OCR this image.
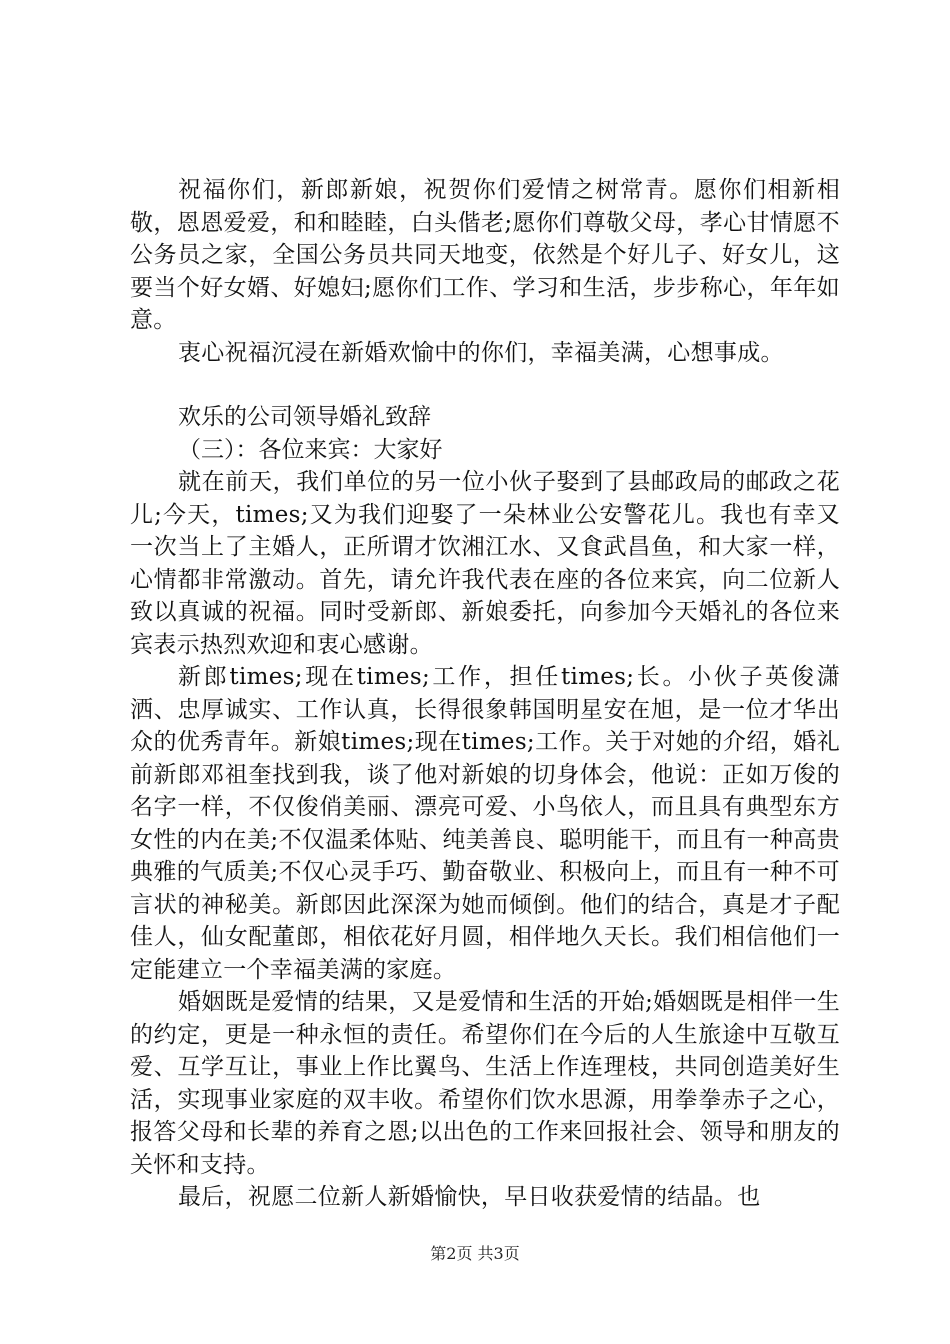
祝福你们，新郎新娘，祝贺你们爱情之树常青。愿你们相新相敬，恩恩爱爱，和和睦睦，白头偕老;愿你们尊敬父母，孝心甘情愿不公务员之家，全国公务员共同天地变，依然是个好儿子、好女儿，这要当个好女婿、好媳妇;愿你们工作、学习和生活，步步称心，年年如意。

衷心祝福沉浸在新婚欢愉中的你们，幸福美满，心想事成。

欢乐的公司领导婚礼致辞

（三）：各位来宾：大家好

就在前天，我们单位的另一位小伙子娶到了县邮政局的邮政之花儿;今天，times;又为我们迎娶了一朵林业公安警花儿。我也有幸又一次当上了主婚人，正所谓才饮湘江水、又食武昌鱼，和大家一样，心情都非常激动。首先，请允许我代表在座的各位来宾，向二位新人致以真诚的祝福。同时受新郎、新娘委托，向参加今天婚礼的各位来宾表示热烈欢迎和衷心感谢。

新郎times;现在times;工作，担任times;长。小伙子英俊潇洒、忠厚诚实、工作认真，长得很象韩国明星安在旭，是一位才华出众的优秀青年。新娘times;现在times;工作。关于对她的介绍，婚礼前新郎邓祖奎找到我，谈了他对新娘的切身体会，他说：正如万俊的名字一样，不仅俊俏美丽、漂亮可爱、小鸟依人，而且具有典型东方女性的内在美;不仅温柔体贴、纯美善良、聪明能干，而且有一种高贵典雅的气质美;不仅心灵手巧、勤奋敬业、积极向上，而且有一种不可言状的神秘美。新郎因此深深为她而倾倒。他们的结合，真是才子配佳人，仙女配董郎，相依花好月圆，相伴地久天长。我们相信他们一定能建立一个幸福美满的家庭。

婚姻既是爱情的结果，又是爱情和生活的开始;婚姻既是相伴一生的约定，更是一种永恒的责任。希望你们在今后的人生旅途中互敬互爱、互学互让，事业上作比翼鸟、生活上作连理枝，共同创造美好生活，实现事业家庭的双丰收。希望你们饮水思源，用拳拳赤子之心，报答父母和长辈的养育之恩;以出色的工作来回报社会、领导和朋友的关怀和支持。

最后，祝愿二位新人新婚愉快，早日收获爱情的结晶。也

第2页 共3页
